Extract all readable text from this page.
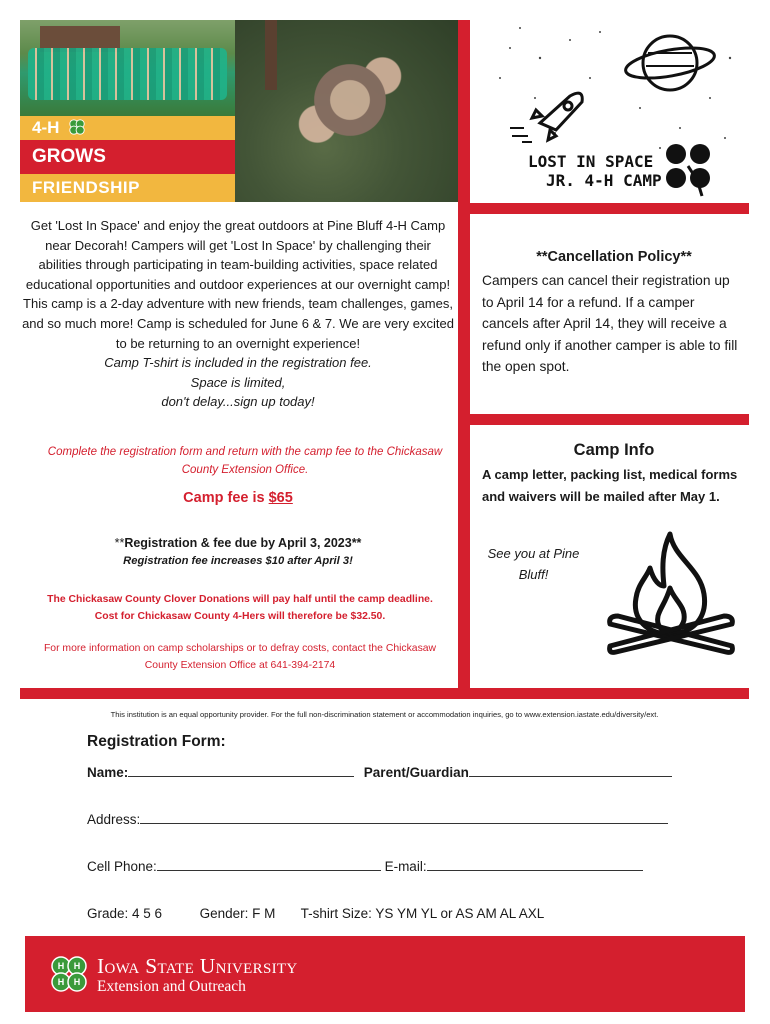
4-H
GROWS
FRIENDSHIP
LOST IN SPACE
JR. 4-H CAMP
Get 'Lost In Space' and enjoy the great outdoors at Pine Bluff 4-H Camp near Decorah! Campers will get 'Lost In Space' by challenging their abilities through participating in team-building activities, space related educational opportunities and outdoor experiences at our overnight camp!
This camp is a 2-day adventure with new friends, team challenges, games, and so much more! Camp is scheduled for June 6 & 7. We are very excited to be returning to an overnight experience!
Camp T-shirt is included in the registration fee.
Space is limited,
don't delay...sign up today!
Complete the registration form and return with the camp fee to the Chickasaw County Extension Office.
Camp fee is $65
**Registration & fee due by April 3, 2023**
Registration fee increases $10 after April 3!
The Chickasaw County Clover Donations will pay half until the camp deadline. Cost for Chickasaw County 4-Hers will therefore be $32.50.
For more information on camp scholarships or to defray costs, contact the Chickasaw County Extension Office at 641-394-2174
**Cancellation Policy**
Campers can cancel their registration up to April 14 for a refund. If a camper cancels after April 14, they will receive a refund only if another camper is able to fill the open spot.
Camp Info
A camp letter, packing list, medical forms and waivers will be mailed after May 1.
See you at Pine Bluff!
This institution is an equal opportunity provider. For the full non-discrimination statement or accommodation inquiries, go to www.extension.iastate.edu/diversity/ext.
Registration Form:
Name:	Parent/Guardian
Address:
Cell Phone:	E-mail:
Grade: 4 5 6	Gender: F M T-shirt Size: YS YM YL or AS AM AL AXL
H H
H H
Iowa State University
Extension and Outreach
